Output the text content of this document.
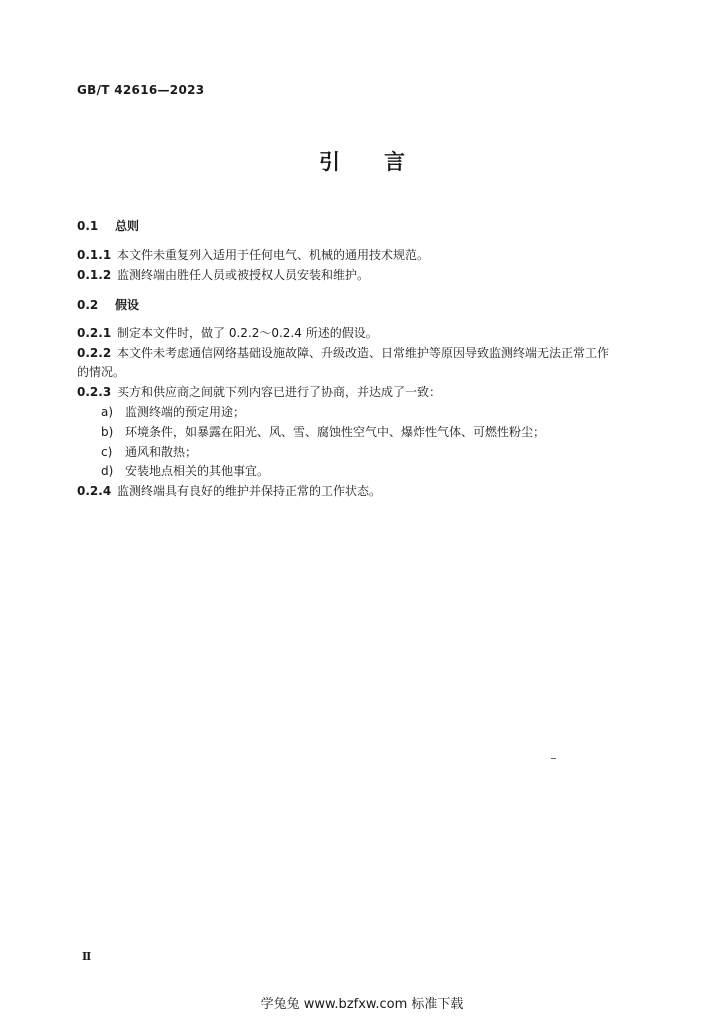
GB/T 42616—2023
引言
0.1 总则
0.1.1 本文件未重复列入适用于任何电气、机械的通用技术规范。
0.1.2 监测终端由胜任人员或被授权人员安装和维护。
0.2 假设
0.2.1 制定本文件时，做了 0.2.2～0.2.4 所述的假设。
0.2.2 本文件未考虑通信网络基础设施故障、升级改造、日常维护等原因导致监测终端无法正常工作
的情况。
0.2.3 买方和供应商之间就下列内容已进行了协商，并达成了一致：
a) 监测终端的预定用途；
b) 环境条件，如暴露在阳光、风、雪、腐蚀性空气中、爆炸性气体、可燃性粉尘；
c) 通风和散热；
d) 安装地点相关的其他事宜。
0.2.4 监测终端具有良好的维护并保持正常的工作状态。
Ⅱ
学兔兔 www.bzfxw.com 标准下载
